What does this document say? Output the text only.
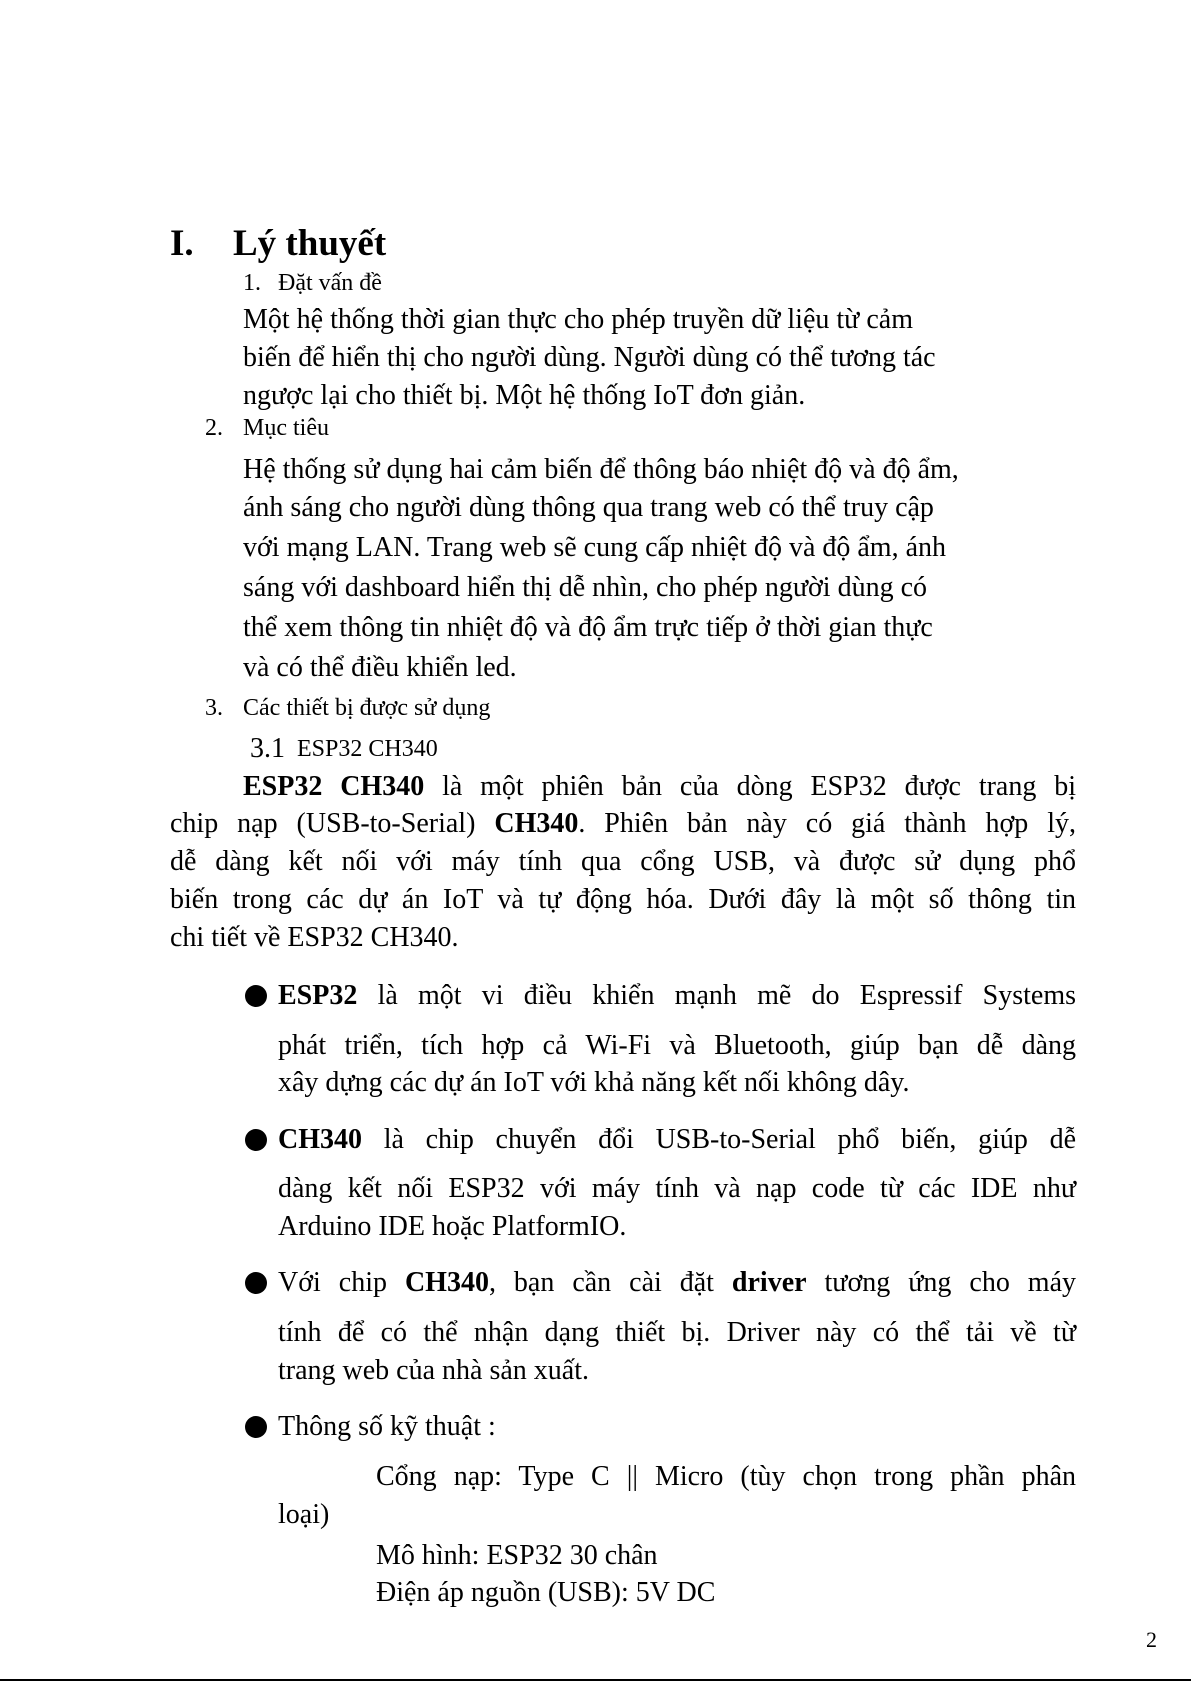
I. Lý thuyết
1. Đặt vấn đề
Một hệ thống thời gian thực cho phép truyền dữ liệu từ cảm
biến để hiển thị cho người dùng. Người dùng có thể tương tác
ngược lại cho thiết bị. Một hệ thống IoT đơn giản.
2. Mục tiêu
Hệ thống sử dụng hai cảm biến để thông báo nhiệt độ và độ ẩm,
ánh sáng cho người dùng thông qua trang web có thể truy cập
với mạng LAN. Trang web sẽ cung cấp nhiệt độ và độ ẩm, ánh
sáng với dashboard hiển thị dễ nhìn, cho phép người dùng có
thể xem thông tin nhiệt độ và độ ẩm trực tiếp ở thời gian thực
và có thể điều khiển led.
3. Các thiết bị được sử dụng
3.1 ESP32 CH340
ESP32 CH340 là một phiên bản của dòng ESP32 được trang bị
chip nạp (USB-to-Serial) CH340. Phiên bản này có giá thành hợp lý,
dễ dàng kết nối với máy tính qua cổng USB, và được sử dụng phổ
biến trong các dự án IoT và tự động hóa. Dưới đây là một số thông tin
chi tiết về ESP32 CH340.
ESP32 là một vi điều khiển mạnh mẽ do Espressif Systems
phát triển, tích hợp cả Wi-Fi và Bluetooth, giúp bạn dễ dàng
xây dựng các dự án IoT với khả năng kết nối không dây.
CH340 là chip chuyển đổi USB-to-Serial phổ biến, giúp dễ
dàng kết nối ESP32 với máy tính và nạp code từ các IDE như
Arduino IDE hoặc PlatformIO.
Với chip CH340, bạn cần cài đặt driver tương ứng cho máy
tính để có thể nhận dạng thiết bị. Driver này có thể tải về từ
trang web của nhà sản xuất.
Thông số kỹ thuật :
Cổng nạp: Type C || Micro (tùy chọn trong phần phân
loại)
Mô hình: ESP32 30 chân
Điện áp nguồn (USB): 5V DC
2
